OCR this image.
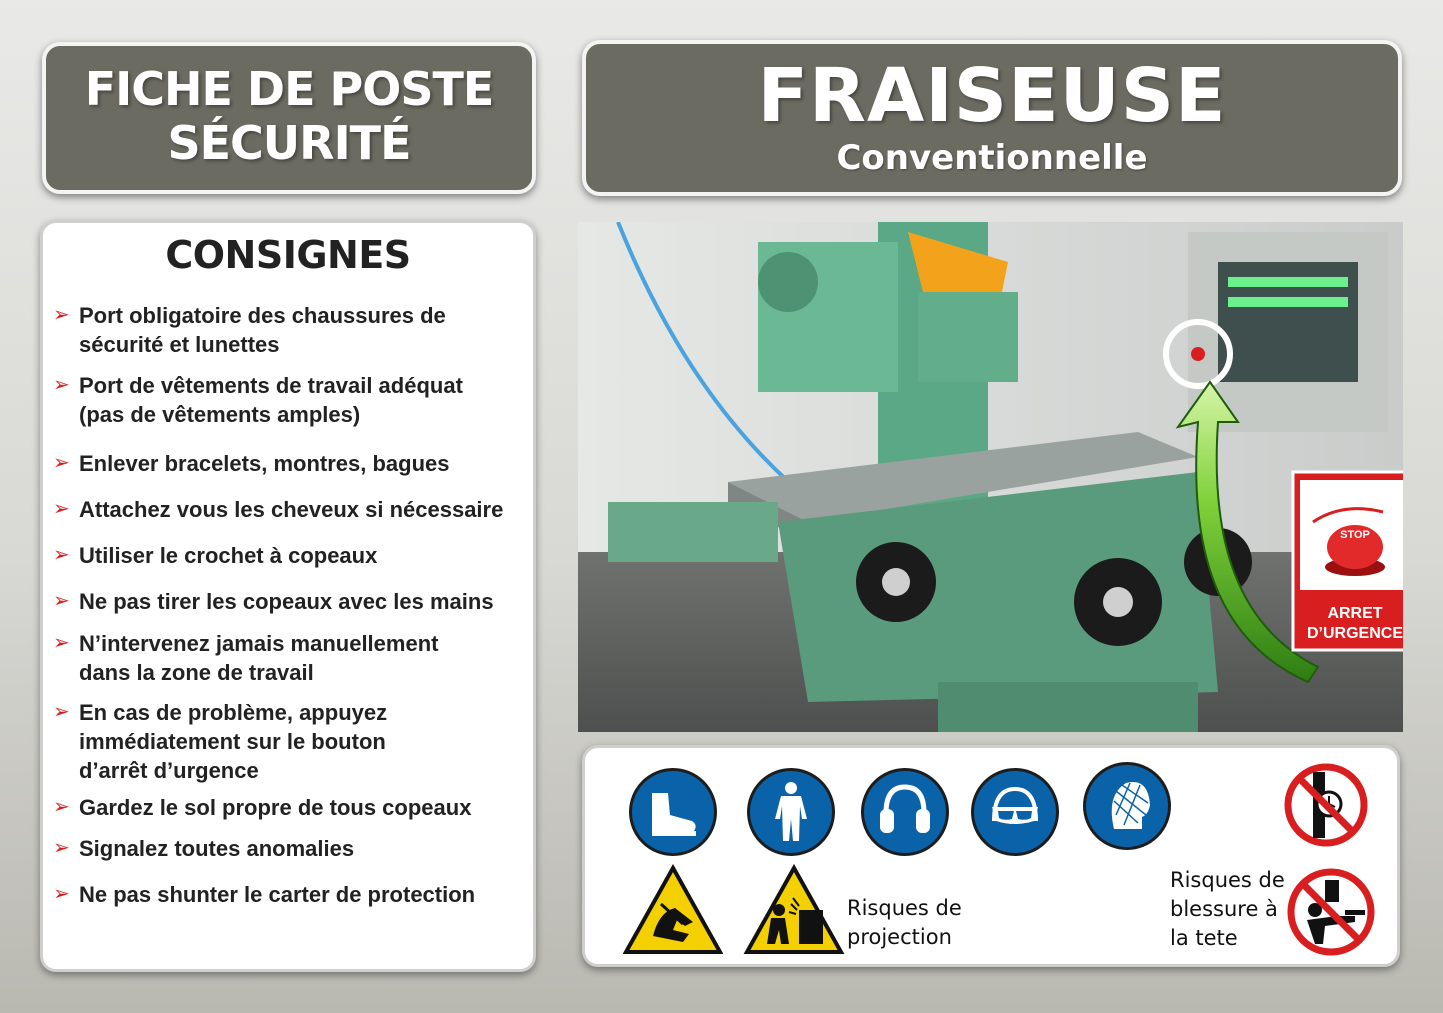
FICHE DE POSTE
SÉCURITÉ
FRAISEUSE
Conventionnelle
CONSIGNES
➢ Port obligatoire des chaussures de
sécurité et lunettes
➢ Port de vêtements de travail adéquat
(pas de vêtements amples)
➢ Enlever bracelets, montres, bagues
➢ Attachez vous les cheveux si nécessaire
➢ Utiliser le crochet à copeaux
➢ Ne pas tirer les copeaux avec les mains
➢ N’intervenez jamais manuellement
dans la zone de travail
➢ En cas de problème, appuyez
immédiatement sur le bouton
d’arrêt d’urgence
➢ Gardez le sol propre de tous copeaux
➢ Signalez toutes anomalies
➢ Ne pas shunter le carter de protection
STOP
ARRET
D’URGENCE
Risques de
projection
Risques de
blessure à
la tete
